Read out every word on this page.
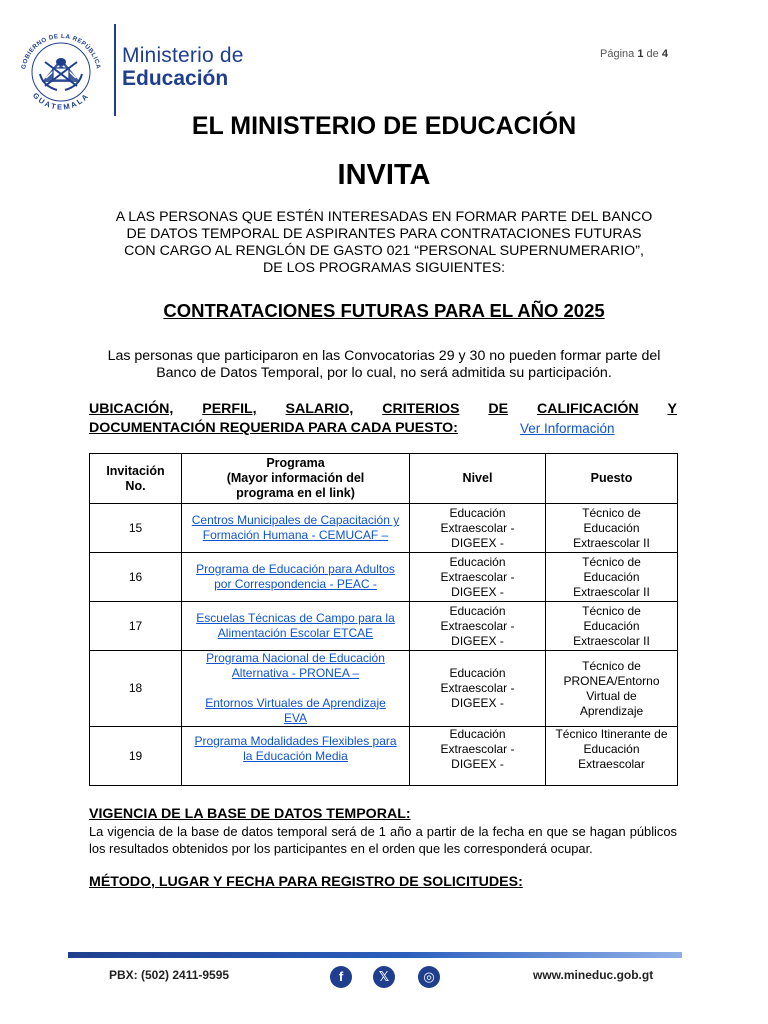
GOBIERNO DE LA REPÚBLICA
GUATEMALA
Ministerio de
Educación
Página 1 de 4
EL MINISTERIO DE EDUCACIÓN
INVITA
A LAS PERSONAS QUE ESTÉN INTERESADAS EN FORMAR PARTE DEL BANCO
DE DATOS TEMPORAL DE ASPIRANTES PARA CONTRATACIONES FUTURAS
CON CARGO AL RENGLÓN DE GASTO 021 “PERSONAL SUPERNUMERARIO”,
DE LOS PROGRAMAS SIGUIENTES:
CONTRATACIONES FUTURAS PARA EL AÑO 2025
Las personas que participaron en las Convocatorias 29 y 30 no pueden formar parte del
Banco de Datos Temporal, por lo cual, no será admitida su participación.
UBICACIÓN, PERFIL, SALARIO, CRITERIOS DE CALIFICACIÓN Y
DOCUMENTACIÓN REQUERIDA PARA CADA PUESTO:	Ver Información
Invitación
No.	Programa
(Mayor información del
programa en el link)	Nivel	Puesto
15	Centros Municipales de Capacitación y
Formación Humana - CEMUCAF –	Educación
Extraescolar -
DIGEEX -	Técnico de
Educación
Extraescolar II
16	Programa de Educación para Adultos
por Correspondencia - PEAC -	Educación
Extraescolar -
DIGEEX -	Técnico de
Educación
Extraescolar II
17	Escuelas Técnicas de Campo para la
Alimentación Escolar ETCAE	Educación
Extraescolar -
DIGEEX -	Técnico de
Educación
Extraescolar II
18	Programa Nacional de Educación
Alternativa - PRONEA –

Entornos Virtuales de Aprendizaje
EVA	Educación
Extraescolar -
DIGEEX -	Técnico de
PRONEA/Entorno
Virtual de
Aprendizaje
19	Programa Modalidades Flexibles para
la Educación Media	Educación
Extraescolar -
DIGEEX -	Técnico Itinerante de
Educación
Extraescolar
VIGENCIA DE LA BASE DE DATOS TEMPORAL:
La vigencia de la base de datos temporal será de 1 año a partir de la fecha en que se hagan públicos los resultados obtenidos por los participantes en el orden que les corresponderá ocupar.
MÉTODO, LUGAR Y FECHA PARA REGISTRO DE SOLICITUDES:
PBX: (502) 2411-9595	f	𝕏	◎	www.mineduc.gob.gt
